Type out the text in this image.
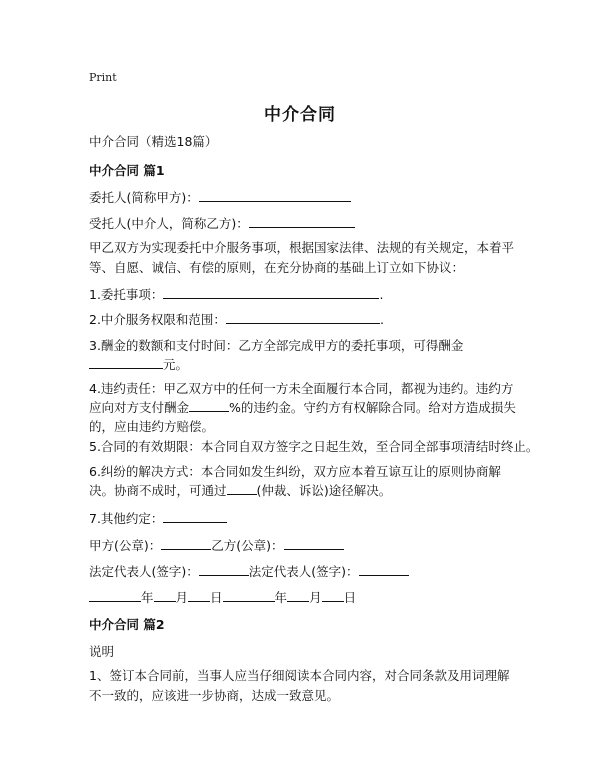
Print
中介合同
中介合同（精选18篇）
中介合同 篇1
委托人(简称甲方)：
受托人(中介人，简称乙方)：
甲乙双方为实现委托中介服务事项，根据国家法律、法规的有关规定，本着平等、自愿、诚信、有偿的原则，在充分协商的基础上订立如下协议：
1.委托事项：	.
2.中介服务权限和范围：	.
3.酬金的数额和支付时间：乙方全部完成甲方的委托事项，可得酬金
元。
4.违约责任：甲乙双方中的任何一方未全面履行本合同，都视为违约。违约方应向对方支付酬金	%的违约金。守约方有权解除合同。给对方造成损失的，应由违约方赔偿。
5.合同的有效期限：本合同自双方签字之日起生效，至合同全部事项清结时终止。
6.纠纷的解决方式：本合同如发生纠纷，双方应本着互谅互让的原则协商解决。协商不成时，可通过 (仲裁、诉讼)途径解决。
7.其他约定：
甲方(公章)：	乙方(公章)：
法定代表人(签字)：	法定代表人(签字)：
年 月 日	年 月 日
中介合同 篇2
说明
1、签订本合同前，当事人应当仔细阅读本合同内容，对合同条款及用词理解不一致的，应该进一步协商，达成一致意见。
